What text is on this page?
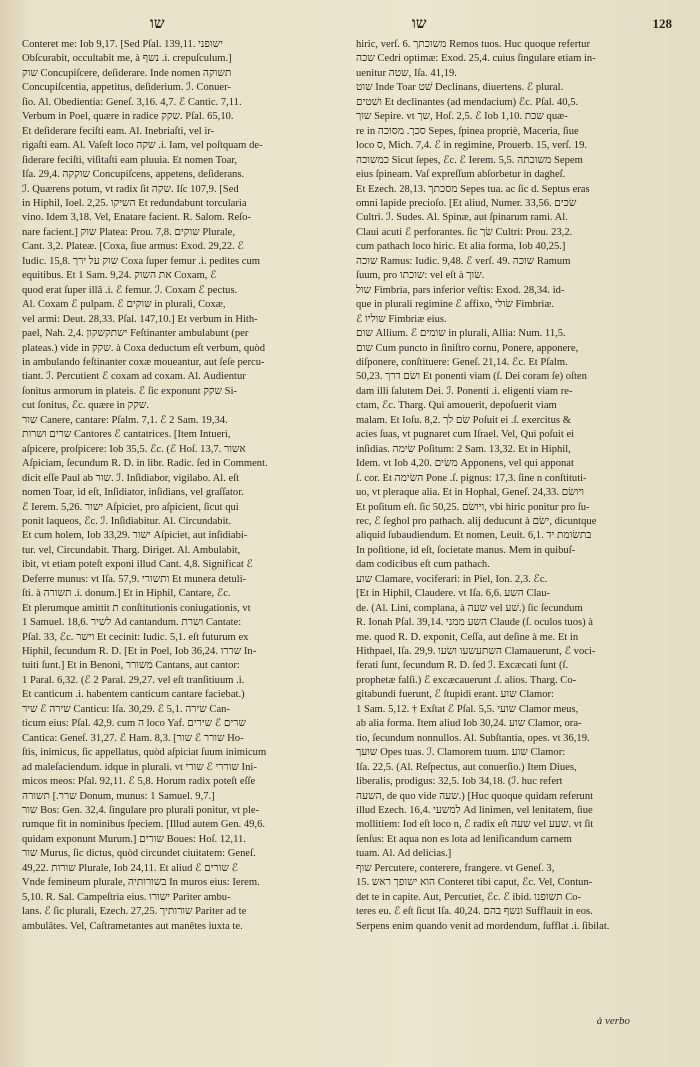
שו	שו	128

Conteret me: Iob 9,17. [Sed Pſal. 139,11. ישופני

Obſcurabit, occultabit me, à נשף .i. crepuſculum.]

שוק Concupiſcere, deſiderare. Inde nomen תשוקה

Concupiſcentia, appetitus, deſiderium. ℐ. Conuer-

ſio. Al. Obedientia: Geneſ. 3,16. 4,7. ℰ Cantic. 7,11.

Verbum in Poel, quære in radice שקק. Pſal. 65,10.

Et deſiderare feciſti eam. Al. Inebriaſti, vel ir-

rigaſti eam. Al. Vaſeſt loco שקה .i. Iam, vel poſtquam de-

ſiderare feciſti, viſitaſti eam pluuia. Et nomen Toar,

Iſa. 29,4. שוקקה Concupiſcens, appetens, deſiderans.

ℐ. Quærens potum, vt radix ſit שקה. Iſc 107,9. [Sed

in Hiphil, Ioel. 2,25. השיקו Et redundabunt torcularia

vino. Idem 3,18. Vel, Enatare facient. R. Salom. Reſo-

nare facient.] שוק Platea: Prou. 7,8. שוקים Plurale,

Cant. 3,2. Plateæ. [Coxa, ſiue armus: Exod. 29,22. ℰ

Iudic. 15,8. שוק על ירך Coxa ſuper femur .i. pedites cum

equitibus. Et 1 Sam. 9,24. את השוק Coxam, ℰ

quod erat ſuper illâ .i. ℰ femur. ℐ. Coxam ℰ pectus.

Al. Coxam ℰ pulpam. ℰ שוקים in plurali, Coxæ,

vel armi: Deut. 28,33. Pſal. 147,10.] Et verbum in Hith-

pael, Nah. 2,4. ישתקשקון Feſtinanter ambulabunt (per

plateas.) vide in שקק. à Coxa deductum eſt verbum, quòd

in ambulando feſtinanter coxæ moueantur, aut ſeſe percu-

tiant. ℐ. Percutient ℰ coxam ad coxam. Al. Audientur

ſonitus armorum in plateis. ℰ ſic exponunt שקק Si-

cut ſonitus, ℰc. quære in שקק.

שור Canere, cantare: Pſalm. 7,1. ℰ 2 Sam. 19,34.

שרים ושרות Cantores ℰ cantatrices. [Item Intueri,

aſpicere, proſpicere: Iob 35,5. ℰc. (ℰ Hoſ. 13,7. אשור

Aſpiciam, ſecundum R. D. in libr. Radic. ſed in Comment.

dicit eſſe Paul ab שור. ℐ. Inſidiabor, vigilabo. Al. eſt

nomen Toar, id eſt, Inſidiator, inſidians, vel graſſator.

ℰ Ierem. 5,26. ישור Aſpiciet, pro aſpicient, ſicut qui

ponit laqueos, ℰc. ℐ. Inſidiabitur. Al. Circundabit.

Et cum holem, Iob 33,29. ישור Aſpiciet, aut inſidiabi-

tur. vel, Circundabit. Tharg. Diriget. Al. Ambulabit,

ibit, vt etiam poteſt exponi illud Cant. 4,8. Significat ℰ

Deferre munus: vt Iſa. 57,9. ותשורי Et munera detuli-

ſti. à תשורה .i. donum.] Et in Hiphil, Cantare, ℰc.

Et plerumque amittit ת conſtitutionis coniugationis, vt

1 Samuel. 18,6. לשיר Ad cantandum. ושרת Cantate:

Pſal. 33, ℰc. וישר Et cecinit: Iudic. 5,1. eſt futurum ex

Hiphil, ſecundum R. D. [Et in Poel, Iob 36,24. שררו In-

tuiti ſunt.] Et in Benoni, משורר Cantans, aut cantor:

1 Paral. 6,32. (ℰ 2 Paral. 29,27. vel eſt tranſitiuum .i.

Et canticum .i. habentem canticum cantare faciebat.)

שיר ℰ שירה Canticu: Iſa. 30,29. ℰ 5,1. שירה Can-

ticum eius: Pſal. 42,9. cum ה loco Yaf. שירים ℰ שרים

Cantica: Geneſ. 31,27. ℰ Ham. 8,3. [שור ℰ שורר Ho-

ſtis, inimicus, ſic appellatus, quòd aſpiciat ſuum inimicum

ad maleſaciendum. idque in plurali. vt שורי ℰ שוררי Ini-

micos meos: Pſal. 92,11. ℰ 5,8. Horum radix poteſt eſſe

שרר.] תשורה Donum, munus: 1 Samuel. 9,7.]

שור Bos: Gen. 32,4. ſingulare pro plurali ponitur, vt ple-

rumque fit in nominibus ſpeciem. [Illud autem Gen. 49,6.

quidam exponunt Murum.] שורים Boues: Hoſ. 12,11.

שור Murus, ſic dictus, quòd circundet ciuitatem: Geneſ.

49,22. שורות Plurale, Iob 24,11. Et aliud ℰ שורים ℰ

Vnde femineum plurale, בשורותיה In muros eius: Ierem.

5,10. R. Sal. Campeſtria eius. ישורו Pariter ambu-

lans. ℰ ſic plurali, Ezech. 27,25. שורותיך Pariter ad te

ambulātes. Vel, Caſtrametantes aut manētes iuxta te.

hiric, verſ. 6. משוכתך Remos tuos. Huc quoque refertur

שכה Cedri optimæ: Exod. 25,4. cuius ſingulare etiam in-

uenitur שטה, Iſa. 41,19.

שוט Inde Toar שׁט Declinans, diuertens. ℰ plural.

ושׁטים Et declinantes (ad mendacium) ℰc. Pſal. 40,5.

שוך Sepire. vt שך, Hoſ. 2,5. ℰ Iob 1,10. שכת quæ-

re in סכך. מסוכה Sepes, ſpinea propriè, Maceria, ſiue

loco ס, Mich. 7,4. ℰ in regimine, Prouerb. 15, verſ. 19.

כמשוכה Sicut ſepes, ℰc. ℰ Ierem. 5,5. משוכתה Sepem

eius ſpineam. Vaſ expreſſum abſorbetur in dagheſ.

Et Ezech. 28,13. מסכתך Sepes tua. ac ſic d. Septus eras

omni lapide precioſo. [Et aliud, Numer. 33,56. שׂכים

Cultri. ℐ. Sudes. Al. Spinæ, aut ſpinarum rami. Al.

Claui acuti ℰ perforantes. ſic שׂך Cultri: Prou. 23,2.

cum pathach loco hiric. Et alia forma, Iob 40,25.]

שוכה Ramus: Iudic. 9,48. ℰ verſ. 49. שוכה Ramum

ſuum, pro שוכתו: vel eſt à שׂוך.

שול Fimbria, pars inferior veſtis: Exod. 28,34. id-

que in plurali regimine ℰ affixo, שׂולי Fimbriæ.

ℰ שוליו Fimbriæ eius.

שום Allium. ℰ שומים in plurali, Allia: Num. 11,5.

שום Cum puncto in ſiniſtro cornu, Ponere, apponere,

diſponere, conſtituere: Geneſ. 21,14. ℰc. Et Pſalm.

50,23. ושׂם דרך Et ponenti viam (ſ. Dei coram ſe) oſten

dam illi ſalutem Dei. ℐ. Ponenti .i. eligenti viam re-

ctam, ℰc. Tharg. Qui amouerit, depoſuerit viam

malam. Et Ioſu. 8,2. שׂם לך Poſuit ei .ſ. exercitus &

acies ſuas, vt pugnaret cum Iſrael. Vel, Qui poſuit ei

inſidias. שׂימה Poſitum: 2 Sam. 13,32. Et in Hiphil,

Idem. vt Iob 4,20. משׂים Apponens, vel qui apponat

ſ. cor. Et השׂימה Pone .ſ. pignus: 17,3. ſine n conſtituti-

uo, vt pleraque alia. Et in Hophal, Geneſ. 24,33. ויושׂם

Et poſitum eſt. ſic 50,25. ויושׂם, vbi hiric ponitur pro ſu-

rec, ℰ ſeghol pro pathach. alij deducunt à ישׂם, dicuntque

aliquid ſubaudiendum. Et nomen, Leuit. 6,1. בתשׂומת יד

In poſitione, id eſt, ſocietate manus. Mem in quibuſ-

dam codicibus eſt cum pathach.

שוע Clamare, vociferari: in Piel, Ion. 2,3. ℰc.

[Et in Hiphil, Claudere. vt Iſa. 6,6. השע Clau-

de. (Al. Lini, complana, à שעה vel שׁע.) ſic ſecundum

R. Ionah Pſal. 39,14. השע ממני Claude (ſ. oculos tuos) à

me. quod R. D. exponit, Ceſſa, aut deſine à me. Et in

Hithpael, Iſa. 29,9. השתעשעו ושׂעו Clamauerunt, ℰ voci-

ferati ſunt, ſecundum R. D. ſed ℐ. Excæcati ſunt (ſ.

prophetæ falſi.) ℰ excæcauerunt .ſ. alios. Tharg. Co-

gitabundi fuerunt, ℰ ſtupidi erant. שוע Clamor:

1 Sam. 5,12. † Exſtat ℰ Pſal. 5,5. שועי Clamor meus,

ab alia forma. Item aliud Iob 30,24. שוע Clamor, ora-

tio, ſecundum nonnullos. Al. Subſtantia, opes. vt 36,19.

שועך Opes tuas. ℐ. Clamorem tuum. שוע Clamor:

Iſa. 22,5. (Al. Reſpectus, aut conuerſio.) Item Diues,

liberalis, prodigus: 32,5. Iob 34,18. (ℐ. huc refert

השעה, de quo vide שעה.) [Huc quoque quidam referunt

illud Ezech. 16,4. למשעי Ad linimen, vel lenitatem, ſiue

mollitiem: Iod eſt loco n, ℰ radix eſt שעה vel שעע. vt ſit

ſenſus: Et aqua non es lota ad leniſicandum carnem

tuam. Al. Ad delicias.]

שוף Percutere, conterere, frangere. vt Geneſ. 3,

15. הוא ישופך ראש Conteret tibi caput, ℰc. Vel, Contun-

det te in capite. Aut, Percutiet, ℰc. ℰ ibid. תשופנו Co-

teres eu. ℰ eſt ſicut Iſa. 40,24. ונשף בהם Sufflauit in eos.

Serpens enim quando venit ad mordendum, ſufflat .i. ſibilat.

à verbo
